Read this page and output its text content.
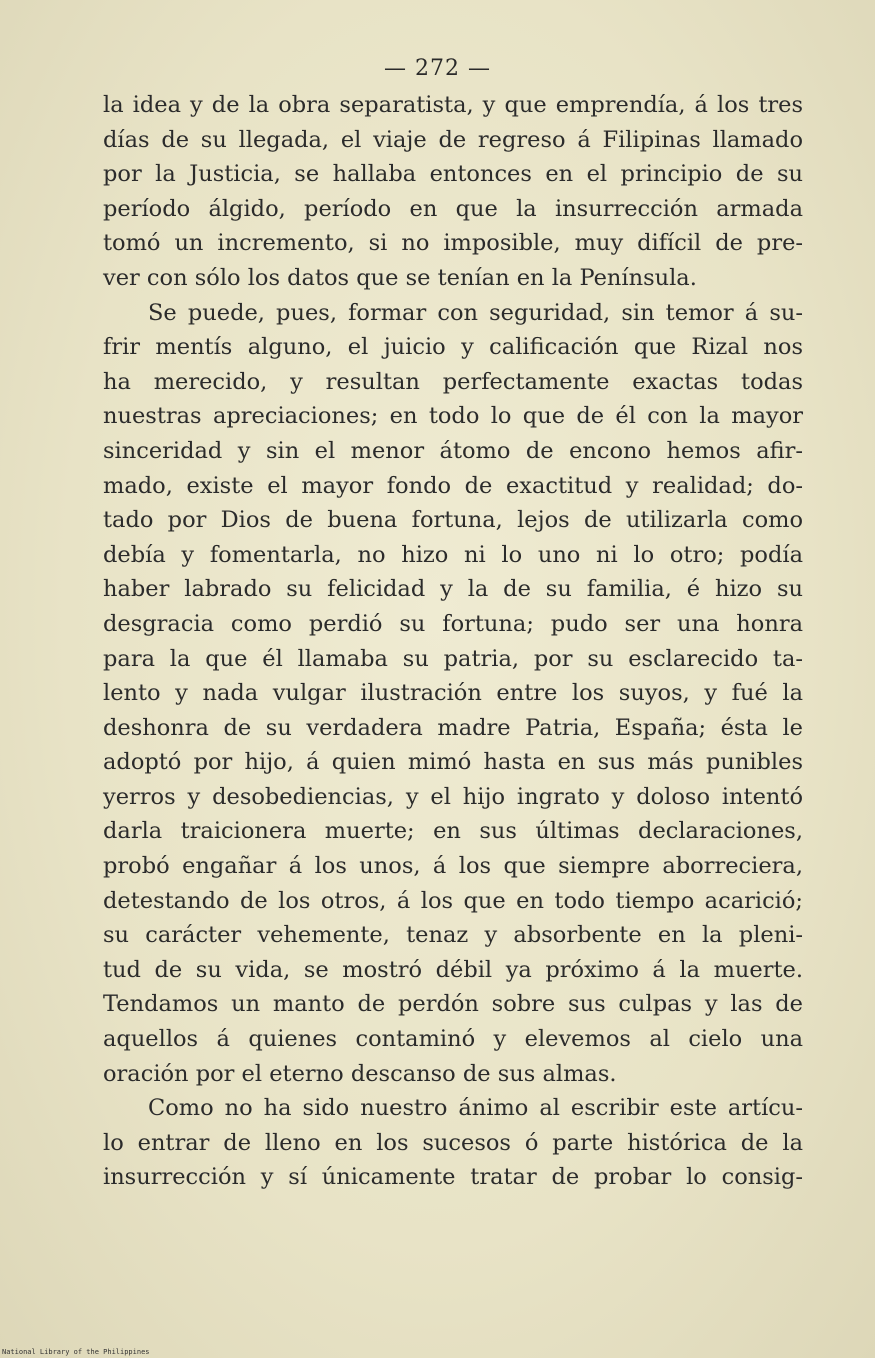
— 272 —
la idea y de la obra separatista, y que emprendía, á los tres
días de su llegada, el viaje de regreso á Filipinas llamado
por la Justicia, se hallaba entonces en el principio de su
período álgido, período en que la insurrección armada
tomó un incremento, si no imposible, muy difícil de pre-
ver con sólo los datos que se tenían en la Península.
Se puede, pues, formar con seguridad, sin temor á su-
frir mentís alguno, el juicio y calificación que Rizal nos
ha merecido, y resultan perfectamente exactas todas
nuestras apreciaciones; en todo lo que de él con la mayor
sinceridad y sin el menor átomo de encono hemos afir-
mado, existe el mayor fondo de exactitud y realidad; do-
tado por Dios de buena fortuna, lejos de utilizarla como
debía y fomentarla, no hizo ni lo uno ni lo otro; podía
haber labrado su felicidad y la de su familia, é hizo su
desgracia como perdió su fortuna; pudo ser una honra
para la que él llamaba su patria, por su esclarecido ta-
lento y nada vulgar ilustración entre los suyos, y fué la
deshonra de su verdadera madre Patria, España; ésta le
adoptó por hijo, á quien mimó hasta en sus más punibles
yerros y desobediencias, y el hijo ingrato y doloso intentó
darla traicionera muerte; en sus últimas declaraciones,
probó engañar á los unos, á los que siempre aborreciera,
detestando de los otros, á los que en todo tiempo acarició;
su carácter vehemente, tenaz y absorbente en la pleni-
tud de su vida, se mostró débil ya próximo á la muerte.
Tendamos un manto de perdón sobre sus culpas y las de
aquellos á quienes contaminó y elevemos al cielo una
oración por el eterno descanso de sus almas.
Como no ha sido nuestro ánimo al escribir este artícu-
lo entrar de lleno en los sucesos ó parte histórica de la
insurrección y sí únicamente tratar de probar lo consig-
National Library of the Philippines
